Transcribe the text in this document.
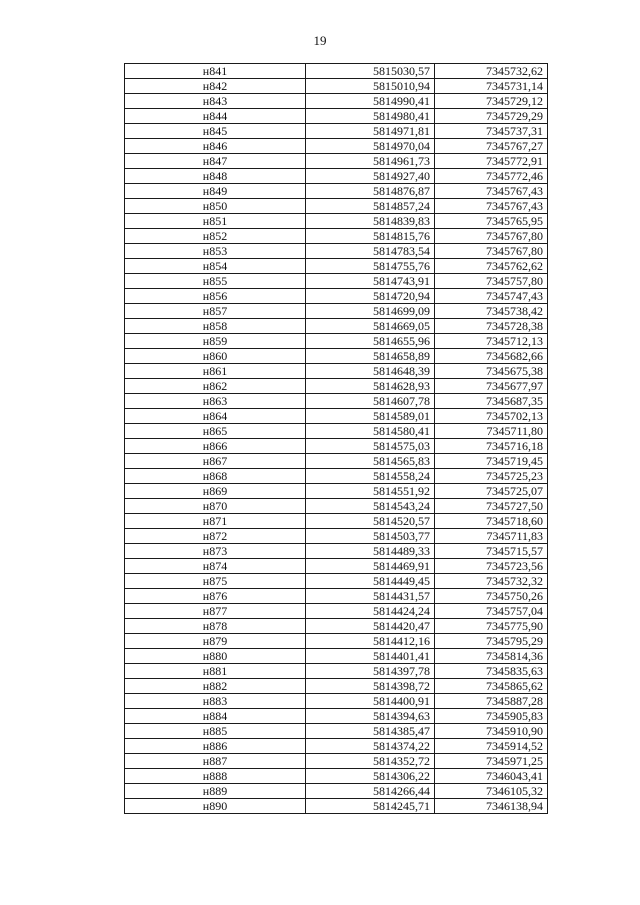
19
н841	5815030,57	7345732,62
н842	5815010,94	7345731,14
н843	5814990,41	7345729,12
н844	5814980,41	7345729,29
н845	5814971,81	7345737,31
н846	5814970,04	7345767,27
н847	5814961,73	7345772,91
н848	5814927,40	7345772,46
н849	5814876,87	7345767,43
н850	5814857,24	7345767,43
н851	5814839,83	7345765,95
н852	5814815,76	7345767,80
н853	5814783,54	7345767,80
н854	5814755,76	7345762,62
н855	5814743,91	7345757,80
н856	5814720,94	7345747,43
н857	5814699,09	7345738,42
н858	5814669,05	7345728,38
н859	5814655,96	7345712,13
н860	5814658,89	7345682,66
н861	5814648,39	7345675,38
н862	5814628,93	7345677,97
н863	5814607,78	7345687,35
н864	5814589,01	7345702,13
н865	5814580,41	7345711,80
н866	5814575,03	7345716,18
н867	5814565,83	7345719,45
н868	5814558,24	7345725,23
н869	5814551,92	7345725,07
н870	5814543,24	7345727,50
н871	5814520,57	7345718,60
н872	5814503,77	7345711,83
н873	5814489,33	7345715,57
н874	5814469,91	7345723,56
н875	5814449,45	7345732,32
н876	5814431,57	7345750,26
н877	5814424,24	7345757,04
н878	5814420,47	7345775,90
н879	5814412,16	7345795,29
н880	5814401,41	7345814,36
н881	5814397,78	7345835,63
н882	5814398,72	7345865,62
н883	5814400,91	7345887,28
н884	5814394,63	7345905,83
н885	5814385,47	7345910,90
н886	5814374,22	7345914,52
н887	5814352,72	7345971,25
н888	5814306,22	7346043,41
н889	5814266,44	7346105,32
н890	5814245,71	7346138,94
